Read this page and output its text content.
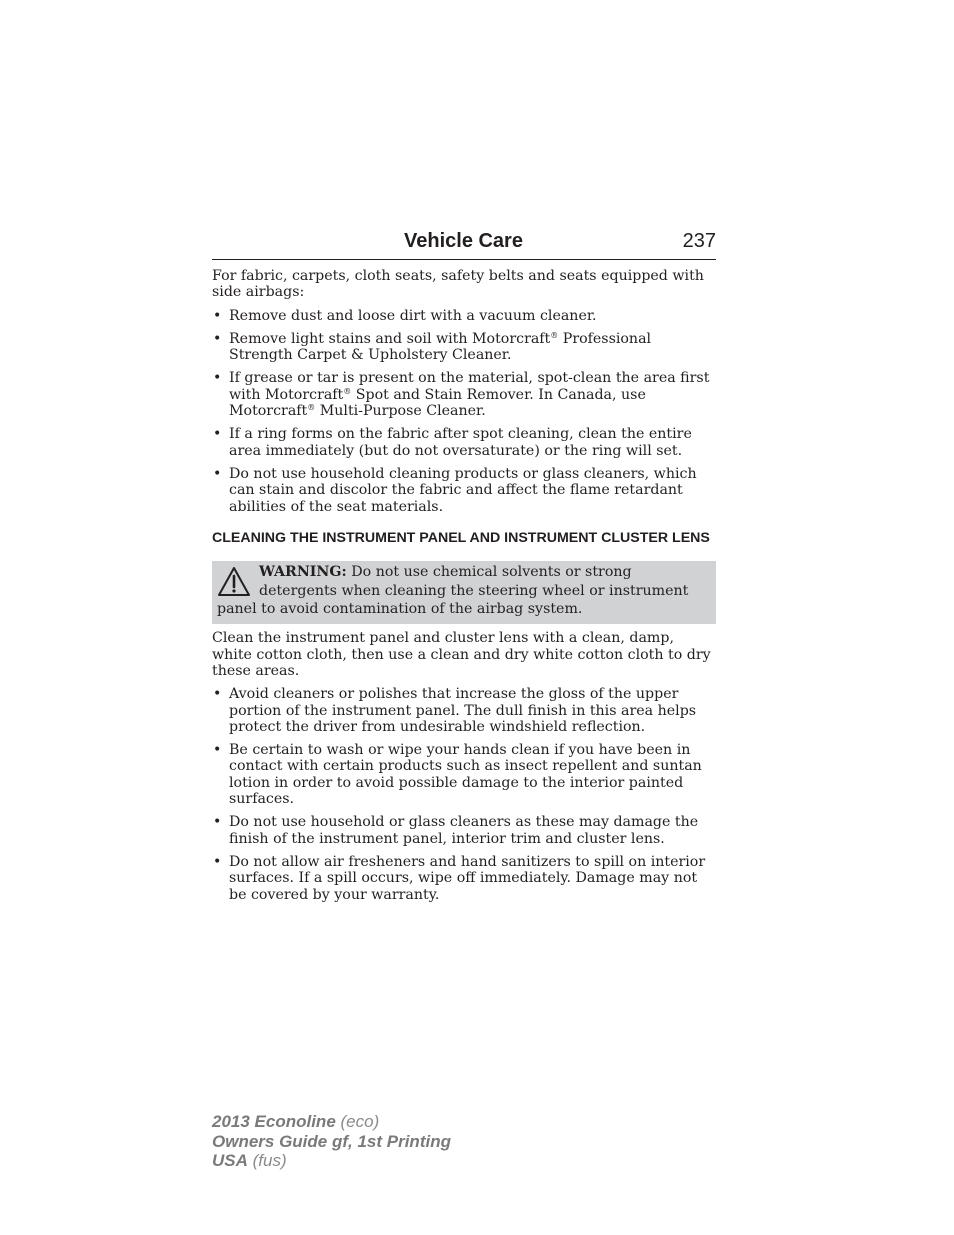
Vehicle Care	237

For fabric, carpets, cloth seats, safety belts and seats equipped with side airbags:

• Remove dust and loose dirt with a vacuum cleaner.
• Remove light stains and soil with Motorcraft® Professional Strength Carpet & Upholstery Cleaner.
• If grease or tar is present on the material, spot-clean the area first with Motorcraft® Spot and Stain Remover. In Canada, use Motorcraft® Multi-Purpose Cleaner.
• If a ring forms on the fabric after spot cleaning, clean the entire area immediately (but do not oversaturate) or the ring will set.
• Do not use household cleaning products or glass cleaners, which can stain and discolor the fabric and affect the flame retardant abilities of the seat materials.
CLEANING THE INSTRUMENT PANEL AND INSTRUMENT CLUSTER LENS
WARNING: Do not use chemical solvents or strong detergents when cleaning the steering wheel or instrument panel to avoid contamination of the airbag system.

Clean the instrument panel and cluster lens with a clean, damp, white cotton cloth, then use a clean and dry white cotton cloth to dry these areas.

• Avoid cleaners or polishes that increase the gloss of the upper portion of the instrument panel. The dull finish in this area helps protect the driver from undesirable windshield reflection.
• Be certain to wash or wipe your hands clean if you have been in contact with certain products such as insect repellent and suntan lotion in order to avoid possible damage to the interior painted surfaces.
• Do not use household or glass cleaners as these may damage the finish of the instrument panel, interior trim and cluster lens.
• Do not allow air fresheners and hand sanitizers to spill on interior surfaces. If a spill occurs, wipe off immediately. Damage may not be covered by your warranty.
2013 Econoline (eco)
Owners Guide gf, 1st Printing
USA (fus)
